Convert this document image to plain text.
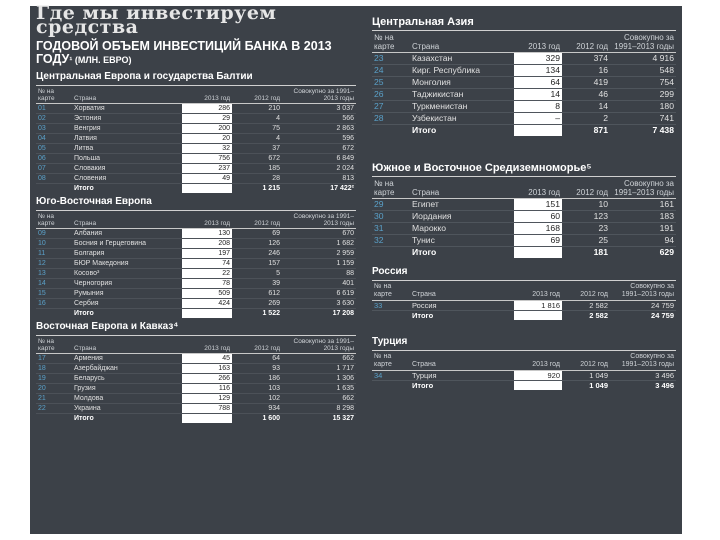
Где мы инвестируем средства
ГОДОВОЙ ОБЪЕМ ИНВЕСТИЦИЙ БАНКА В 2013 ГОДУ¹ (МЛН. ЕВРО)
Центральная Европа и государства Балтии
№ на карте	Страна	2013 год	2012 год	Совокупно за 1991–2013 годы
01	Хорватия	286	210	3 037
02	Эстония	29	4	566
03	Венгрия	200	75	2 863
04	Латвия	20	4	596
05	Литва	32	37	672
06	Польша	756	672	6 849
07	Словакия	237	185	2 024
08	Словения	49	28	813
	Итого	1 607	1 215	17 422²
Юго-Восточная Европа
№ на карте	Страна	2013 год	2012 год	Совокупно за 1991–2013 годы
09	Албания	130	69	670
10	Босния и Герцеговина	208	126	1 682
11	Болгария	197	246	2 959
12	БЮР Македония	74	157	1 159
13	Косово³	22	5	88
14	Черногория	78	39	401
15	Румыния	509	612	6 619
16	Сербия	424	269	3 630
	Итого	1 646	1 522	17 208
Восточная Европа и Кавказ⁴
№ на карте	Страна	2013 год	2012 год	Совокупно за 1991–2013 годы
17	Армения	45	64	662
18	Азербайджан	163	93	1 717
19	Беларусь	266	186	1 306
20	Грузия	116	103	1 635
21	Молдова	129	102	662
22	Украина	788	934	8 298
	Итого	1 509	1 600	15 327
Центральная Азия
№ на карте	Страна	2013 год	2012 год	Совокупно за 1991–2013 годы
23	Казахстан	329	374	4 916
24	Кирг. Республика	134	16	548
25	Монголия	64	419	754
26	Таджикистан	14	46	299
27	Туркменистан	8	14	180
28	Узбекистан	–	2	741
	Итого	549	871	7 438
Южное и Восточное Средиземноморье⁵
№ на карте	Страна	2013 год	2012 год	Совокупно за 1991–2013 годы
29	Египет	151	10	161
30	Иордания	60	123	183
31	Марокко	168	23	191
32	Тунис	69	25	94
	Итого	449	181	629
Россия
№ на карте	Страна	2013 год	2012 год	Совокупно за 1991–2013 годы
33	Россия	1 816	2 582	24 759
	Итого	1 816	2 582	24 759
Турция
№ на карте	Страна	2013 год	2012 год	Совокупно за 1991–2013 годы
34	Турция	920	1 049	3 496
	Итого	920	1 049	3 496
